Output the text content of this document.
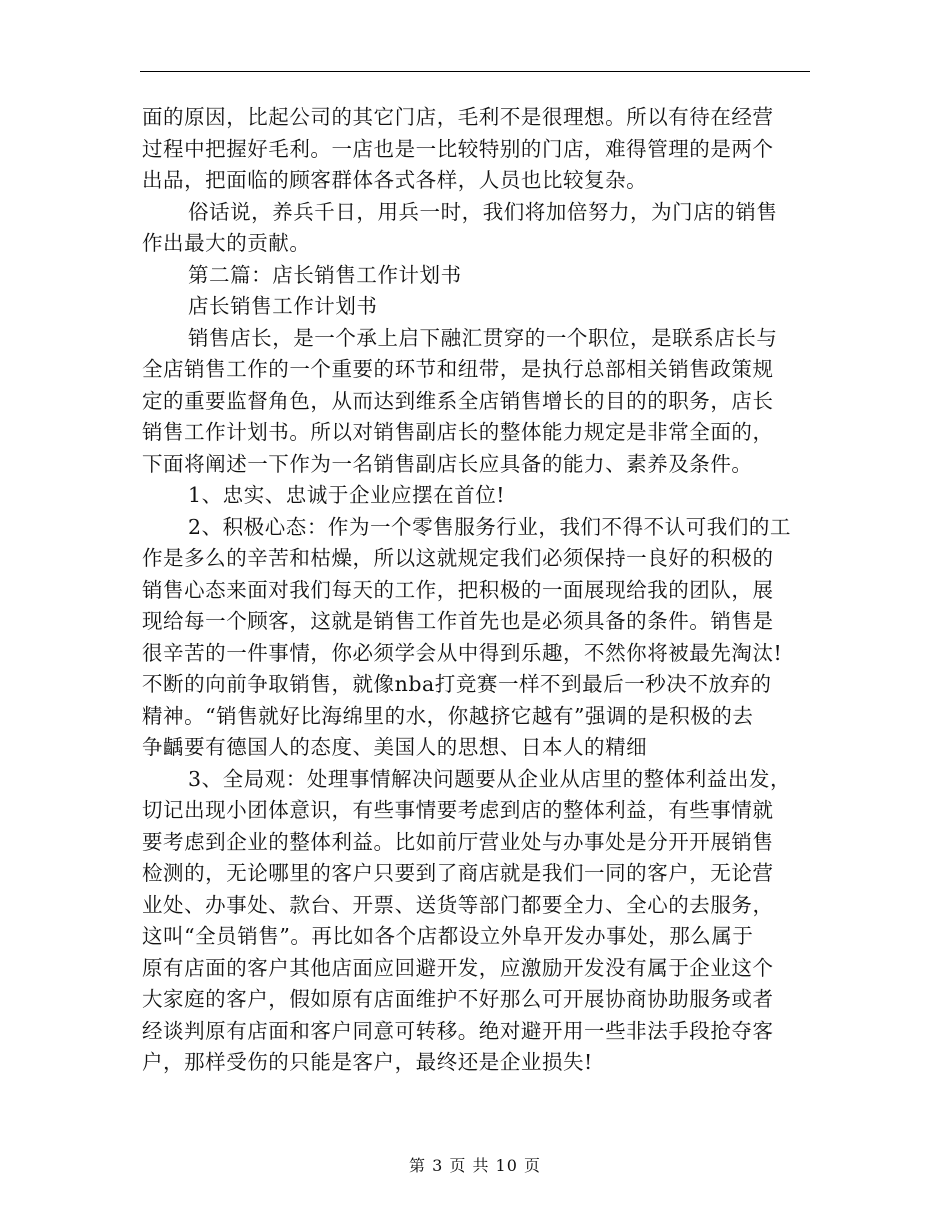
面的原因，比起公司的其它门店，毛利不是很理想。所以有待在经营
过程中把握好毛利。一店也是一比较特别的门店，难得管理的是两个
出品，把面临的顾客群体各式各样，人员也比较复杂。
俗话说，养兵千日，用兵一时，我们将加倍努力，为门店的销售
作出最大的贡献。
第二篇：店长销售工作计划书
店长销售工作计划书
销售店长，是一个承上启下融汇贯穿的一个职位，是联系店长与
全店销售工作的一个重要的环节和纽带，是执行总部相关销售政策规
定的重要监督角色，从而达到维系全店销售增长的目的的职务，店长
销售工作计划书。所以对销售副店长的整体能力规定是非常全面的，
下面将阐述一下作为一名销售副店长应具备的能力、素养及条件。
1、忠实、忠诚于企业应摆在首位!
2、积极心态：作为一个零售服务行业，我们不得不认可我们的工
作是多么的辛苦和枯燥，所以这就规定我们必须保持一良好的积极的
销售心态来面对我们每天的工作，把积极的一面展现给我的团队，展
现给每一个顾客，这就是销售工作首先也是必须具备的条件。销售是
很辛苦的一件事情，你必须学会从中得到乐趣，不然你将被最先淘汰!
不断的向前争取销售，就像nba打竞赛一样不到最后一秒决不放弃的
精神。“销售就好比海绵里的水，你越挤它越有”强调的是积极的去
争齲要有德国人的态度、美国人的思想、日本人的精细
3、全局观：处理事情解决问题要从企业从店里的整体利益出发，
切记出现小团体意识，有些事情要考虑到店的整体利益，有些事情就
要考虑到企业的整体利益。比如前厅营业处与办事处是分开开展销售
检测的，无论哪里的客户只要到了商店就是我们一同的客户，无论营
业处、办事处、款台、开票、送货等部门都要全力、全心的去服务，
这叫“全员销售”。再比如各个店都设立外阜开发办事处，那么属于
原有店面的客户其他店面应回避开发，应激励开发没有属于企业这个
大家庭的客户，假如原有店面维护不好那么可开展协商协助服务或者
经谈判原有店面和客户同意可转移。绝对避开用一些非法手段抢夺客
户，那样受伤的只能是客户，最终还是企业损失!
第 3 页 共 10 页
